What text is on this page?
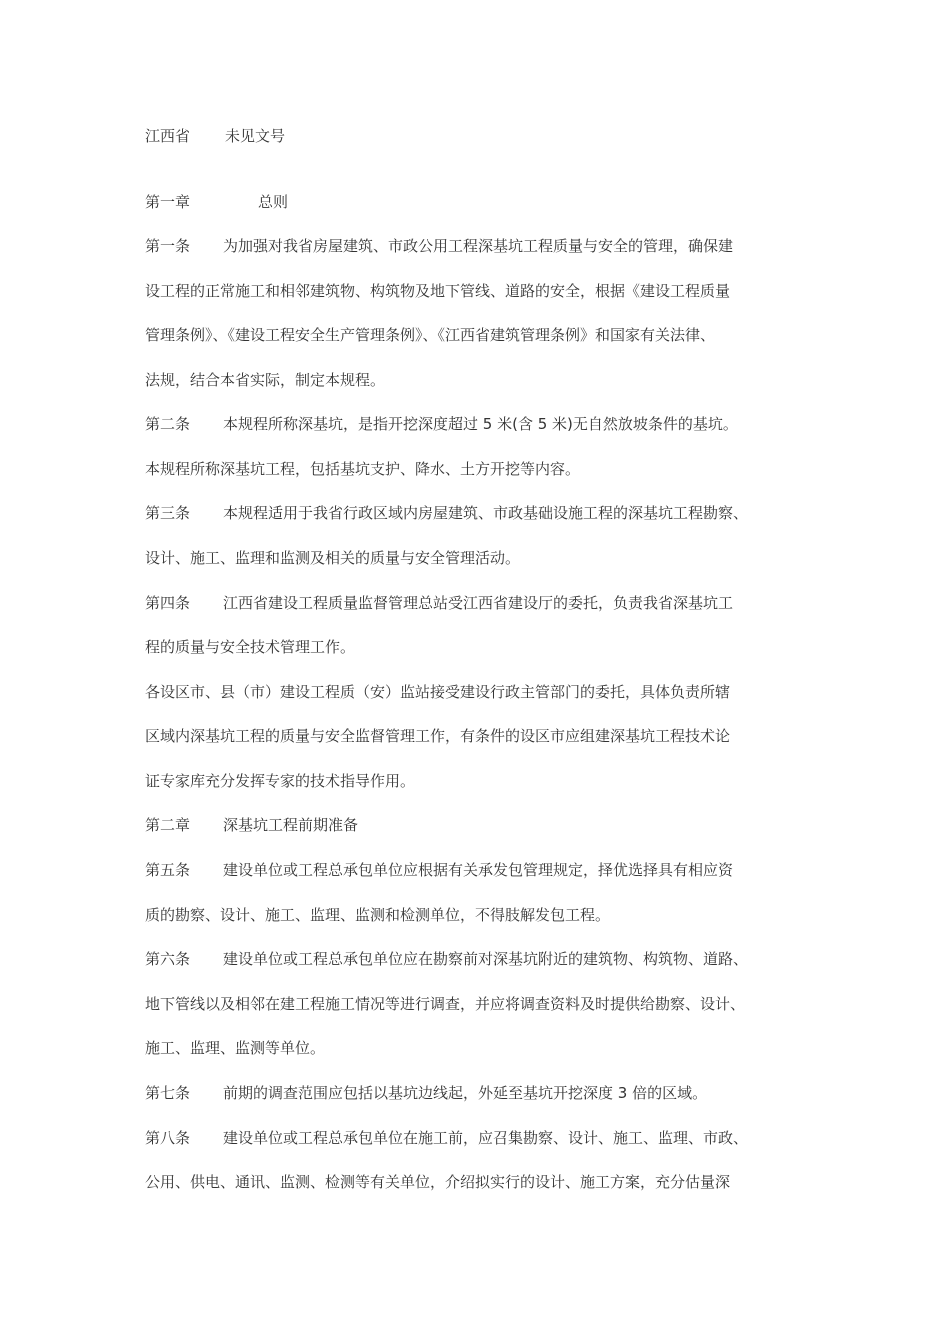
江西省 未见文号
第一章	总则
第一条 为加强对我省房屋建筑、市政公用工程深基坑工程质量与安全的管理，确保建
设工程的正常施工和相邻建筑物、构筑物及地下管线、道路的安全，根据《建设工程质量
管理条例》、《建设工程安全生产管理条例》、《江西省建筑管理条例》和国家有关法律、
法规，结合本省实际，制定本规程。
第二条 本规程所称深基坑，是指开挖深度超过 5 米(含 5 米)无自然放坡条件的基坑。
本规程所称深基坑工程，包括基坑支护、降水、土方开挖等内容。
第三条 本规程适用于我省行政区域内房屋建筑、市政基础设施工程的深基坑工程勘察、
设计、施工、监理和监测及相关的质量与安全管理活动。
第四条 江西省建设工程质量监督管理总站受江西省建设厅的委托，负责我省深基坑工
程的质量与安全技术管理工作。
各设区市、县（市）建设工程质（安）监站接受建设行政主管部门的委托，具体负责所辖
区域内深基坑工程的质量与安全监督管理工作，有条件的设区市应组建深基坑工程技术论
证专家库充分发挥专家的技术指导作用。
第二章 深基坑工程前期准备
第五条 建设单位或工程总承包单位应根据有关承发包管理规定，择优选择具有相应资
质的勘察、设计、施工、监理、监测和检测单位，不得肢解发包工程。
第六条 建设单位或工程总承包单位应在勘察前对深基坑附近的建筑物、构筑物、道路、
地下管线以及相邻在建工程施工情况等进行调查，并应将调查资料及时提供给勘察、设计、
施工、监理、监测等单位。
第七条 前期的调查范围应包括以基坑边线起，外延至基坑开挖深度 3 倍的区域。
第八条 建设单位或工程总承包单位在施工前，应召集勘察、设计、施工、监理、市政、
公用、供电、通讯、监测、检测等有关单位，介绍拟实行的设计、施工方案，充分估量深
